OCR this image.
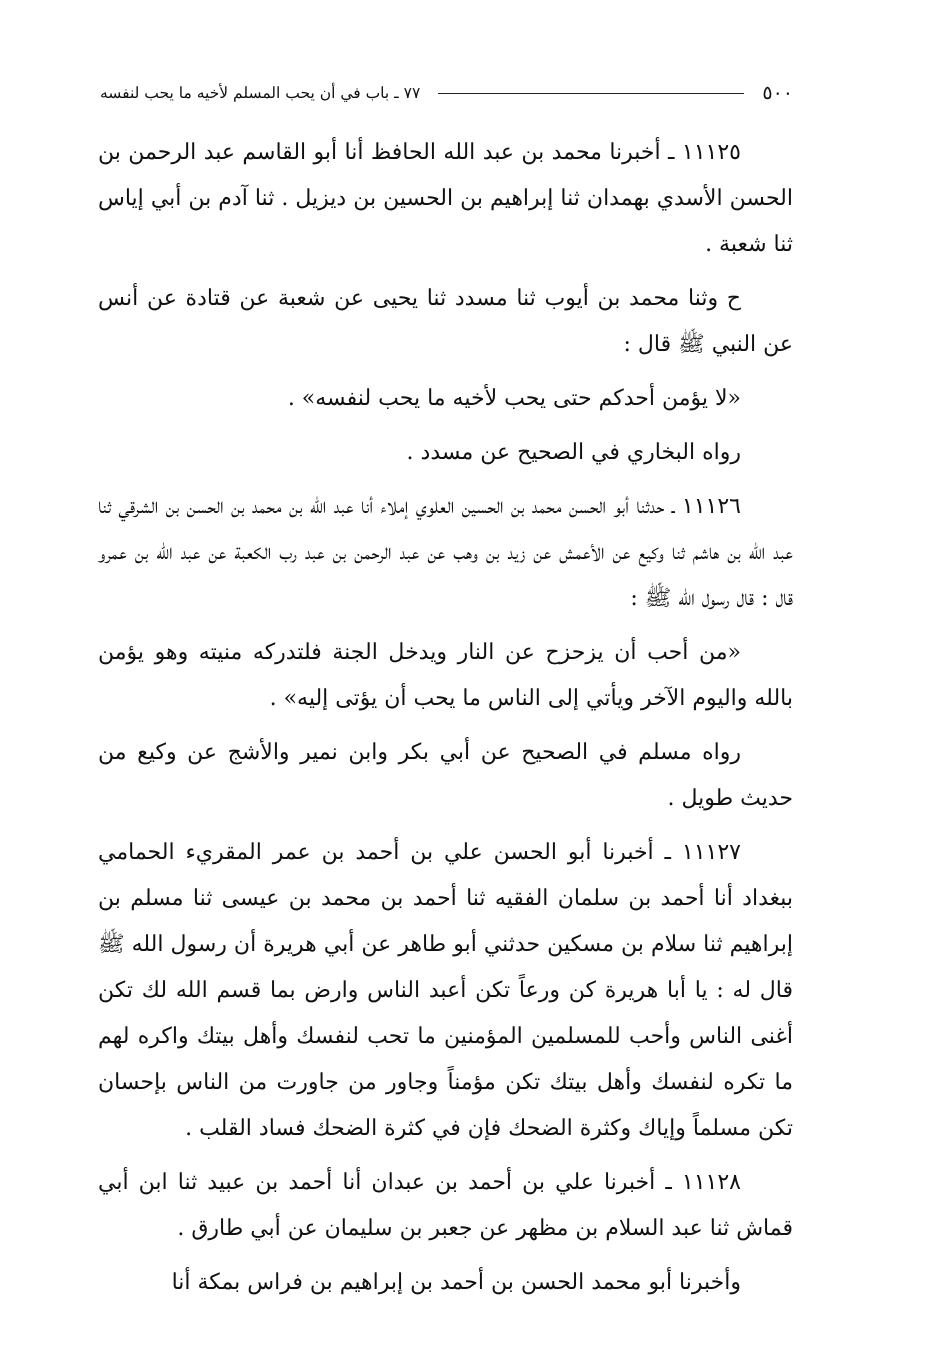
٥٠٠
٧٧ ـ باب في أن يحب المسلم لأخيه ما يحب لنفسه

١١١٢٥ ـ أخبرنا محمد بن عبد الله الحافظ أنا أبو القاسم عبد الرحمن بن الحسن الأسدي بهمدان ثنا إبراهيم بن الحسين بن ديزيل . ثنا آدم بن أبي إياس ثنا شعبة .

ح وثنا محمد بن أيوب ثنا مسدد ثنا يحيى عن شعبة عن قتادة عن أنس عن النبي ﷺ قال :

«لا يؤمن أحدكم حتى يحب لأخيه ما يحب لنفسه» .

رواه البخاري في الصحيح عن مسدد .

١١١٢٦ ـ حدثنا أبو الحسن محمد بن الحسين العلوي إملاء أنا عبد الله بن محمد بن الحسن بن الشرقي ثنا عبد الله بن هاشم ثنا وكيع عن الأعمش عن زيد بن وهب عن عبد الرحمن بن عبد رب الكعبة عن عبد الله بن عمرو قال : قال رسول الله ﷺ :

«من أحب أن يزحزح عن النار ويدخل الجنة فلتدركه منيته وهو يؤمن بالله واليوم الآخر ويأتي إلى الناس ما يحب أن يؤتى إليه» .

رواه مسلم في الصحيح عن أبي بكر وابن نمير والأشج عن وكيع من حديث طويل .

١١١٢٧ ـ أخبرنا أبو الحسن علي بن أحمد بن عمر المقريء الحمامي ببغداد أنا أحمد بن سلمان الفقيه ثنا أحمد بن محمد بن عيسى ثنا مسلم بن إبراهيم ثنا سلام بن مسكين حدثني أبو طاهر عن أبي هريرة أن رسول الله ﷺ قال له : يا أبا هريرة كن ورعاً تكن أعبد الناس وارض بما قسم الله لك تكن أغنى الناس وأحب للمسلمين المؤمنين ما تحب لنفسك وأهل بيتك واكره لهم ما تكره لنفسك وأهل بيتك تكن مؤمناً وجاور من جاورت من الناس بإحسان تكن مسلماً وإياك وكثرة الضحك فإن في كثرة الضحك فساد القلب .

١١١٢٨ ـ أخبرنا علي بن أحمد بن عبدان أنا أحمد بن عبيد ثنا ابن أبي قماش ثنا عبد السلام بن مظهر عن جعبر بن سليمان عن أبي طارق .

وأخبرنا أبو محمد الحسن بن أحمد بن إبراهيم بن فراس بمكة أنا
